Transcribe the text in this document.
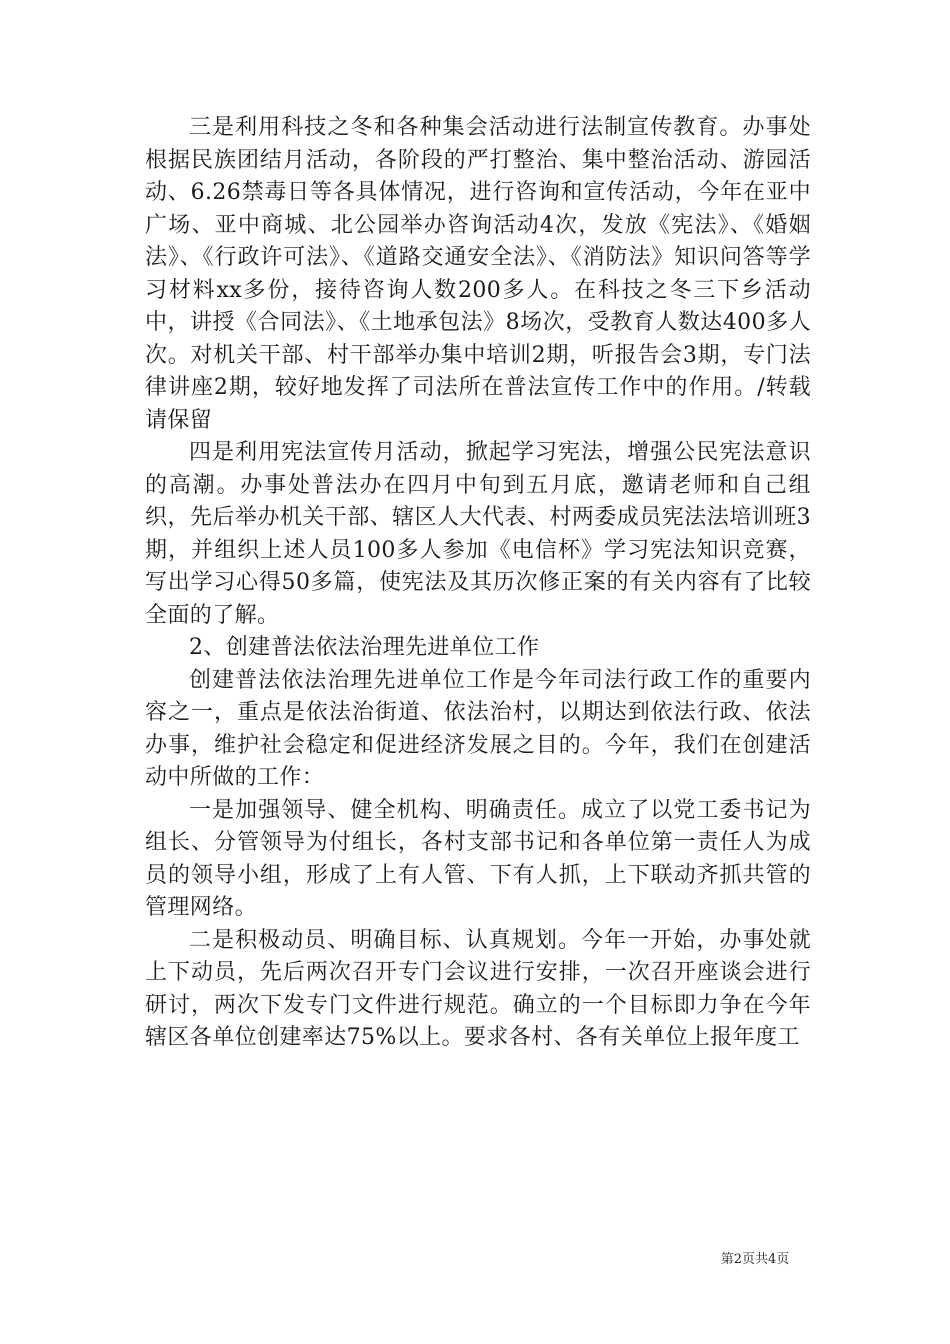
三是利用科技之冬和各种集会活动进行法制宣传教育。办事处根据民族团结月活动，各阶段的严打整治、集中整治活动、游园活动、6.26禁毒日等各具体情况，进行咨询和宣传活动，今年在亚中广场、亚中商城、北公园举办咨询活动4次，发放《宪法》、《婚姻法》、《行政许可法》、《道路交通安全法》、《消防法》知识问答等学习材料xx多份，接待咨询人数200多人。在科技之冬三下乡活动中，讲授《合同法》、《土地承包法》8场次，受教育人数达400多人次。对机关干部、村干部举办集中培训2期，听报告会3期，专门法律讲座2期，较好地发挥了司法所在普法宣传工作中的作用。/转载请保留

四是利用宪法宣传月活动，掀起学习宪法，增强公民宪法意识的高潮。办事处普法办在四月中旬到五月底，邀请老师和自己组织，先后举办机关干部、辖区人大代表、村两委成员宪法法培训班3期，并组织上述人员100多人参加《电信杯》学习宪法知识竞赛，写出学习心得50多篇，使宪法及其历次修正案的有关内容有了比较全面的了解。

2、创建普法依法治理先进单位工作

创建普法依法治理先进单位工作是今年司法行政工作的重要内容之一，重点是依法治街道、依法治村，以期达到依法行政、依法办事，维护社会稳定和促进经济发展之目的。今年，我们在创建活动中所做的工作：

一是加强领导、健全机构、明确责任。成立了以党工委书记为组长、分管领导为付组长，各村支部书记和各单位第一责任人为成员的领导小组，形成了上有人管、下有人抓，上下联动齐抓共管的管理网络。

二是积极动员、明确目标、认真规划。今年一开始，办事处就上下动员，先后两次召开专门会议进行安排，一次召开座谈会进行研讨，两次下发专门文件进行规范。确立的一个目标即力争在今年辖区各单位创建率达75%以上。要求各村、各有关单位上报年度工

第2页共4页
